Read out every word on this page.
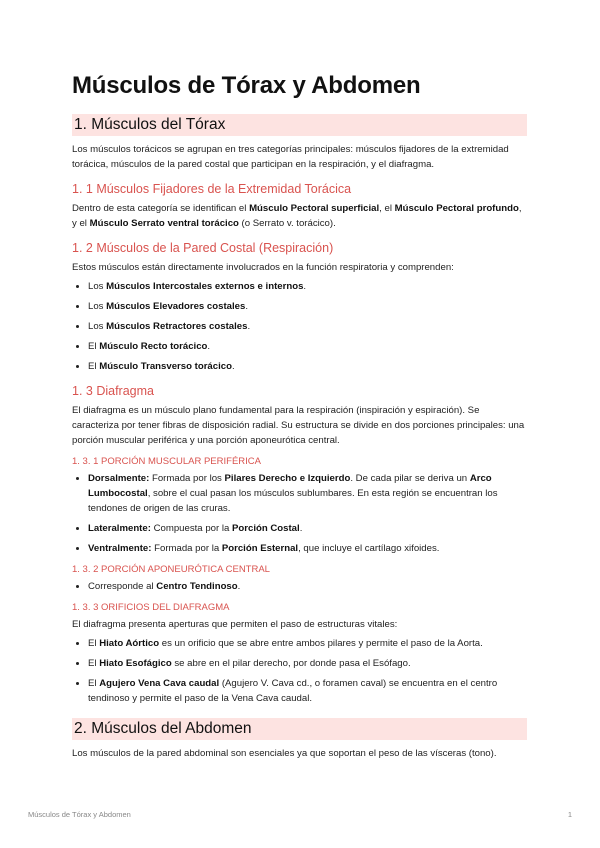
Músculos de Tórax y Abdomen
1. Músculos del Tórax

Los músculos torácicos se agrupan en tres categorías principales: músculos fijadores de la extremidad torácica, músculos de la pared costal que participan en la respiración, y el diafragma.

1. 1 Músculos Fijadores de la Extremidad Torácica

Dentro de esta categoría se identifican el Músculo Pectoral superficial, el Músculo Pectoral profundo, y el Músculo Serrato ventral torácico (o Serrato v. torácico).

1. 2 Músculos de la Pared Costal (Respiración)

Estos músculos están directamente involucrados en la función respiratoria y comprenden:

• Los Músculos Intercostales externos e internos.
• Los Músculos Elevadores costales.
• Los Músculos Retractores costales.
• El Músculo Recto torácico.
• El Músculo Transverso torácico.
1. 3 Diafragma

El diafragma es un músculo plano fundamental para la respiración (inspiración y espiración). Se caracteriza por tener fibras de disposición radial. Su estructura se divide en dos porciones principales: una porción muscular periférica y una porción aponeurótica central.

1. 3. 1 PORCIÓN MUSCULAR PERIFÉRICA
• Dorsalmente: Formada por los Pilares Derecho e Izquierdo. De cada pilar se deriva un Arco Lumbocostal, sobre el cual pasan los músculos sublumbares. En esta región se encuentran los tendones de origen de las cruras.
• Lateralmente: Compuesta por la Porción Costal.
• Ventralmente: Formada por la Porción Esternal, que incluye el cartílago xifoides.
1. 3. 2 PORCIÓN APONEURÓTICA CENTRAL
• Corresponde al Centro Tendinoso.
1. 3. 3 ORIFICIOS DEL DIAFRAGMA

El diafragma presenta aperturas que permiten el paso de estructuras vitales:

• El Hiato Aórtico es un orificio que se abre entre ambos pilares y permite el paso de la Aorta.
• El Hiato Esofágico se abre en el pilar derecho, por donde pasa el Esófago.
• El Agujero Vena Cava caudal (Agujero V. Cava cd., o foramen caval) se encuentra en el centro tendinoso y permite el paso de la Vena Cava caudal.
2. Músculos del Abdomen

Los músculos de la pared abdominal son esenciales ya que soportan el peso de las vísceras (tono).

Músculos de Tórax y Abdomen	1
